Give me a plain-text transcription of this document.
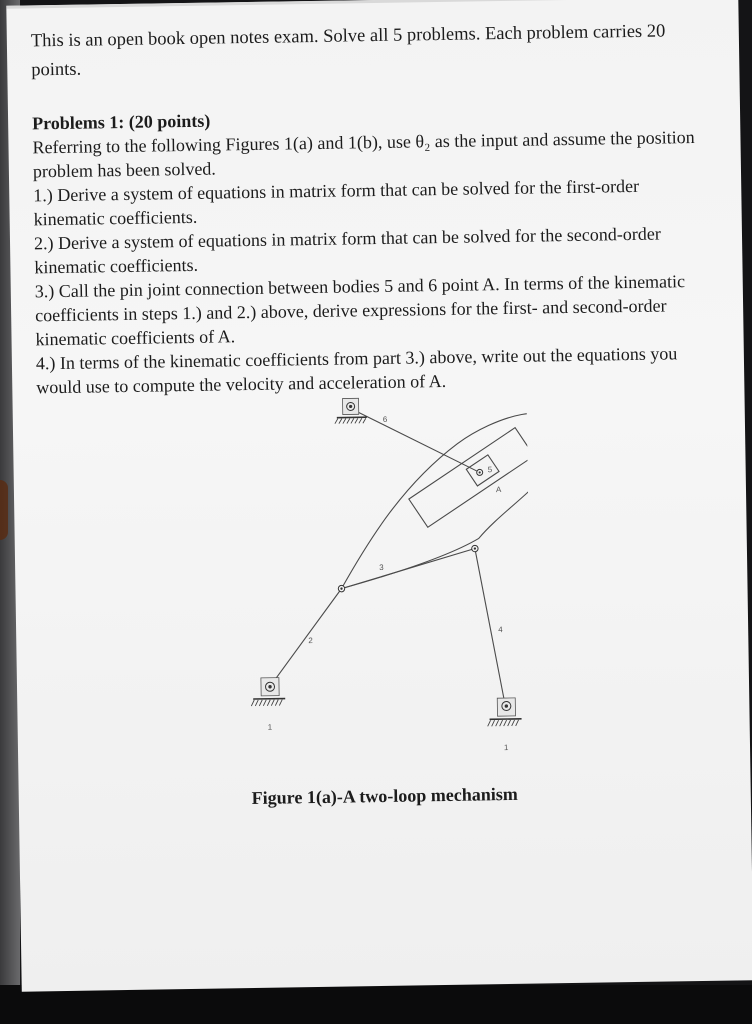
This is an open book open notes exam. Solve all 5 problems. Each problem carries 20 points.

Problems 1: (20 points)

Referring to the following Figures 1(a) and 1(b), use θ₂ as the input and assume the position problem has been solved.

1.) Derive a system of equations in matrix form that can be solved for the first-order kinematic coefficients.

2.) Derive a system of equations in matrix form that can be solved for the second-order kinematic coefficients.

3.) Call the pin joint connection between bodies 5 and 6 point A. In terms of the kinematic coefficients in steps 1.) and 2.) above, derive expressions for the first- and second-order kinematic coefficients of A.

4.) In terms of the kinematic coefficients from part 3.) above, write out the equations you would use to compute the velocity and acceleration of A.

6
5
A
3
2
4
1
1
Figure 1(a)-A two-loop mechanism
